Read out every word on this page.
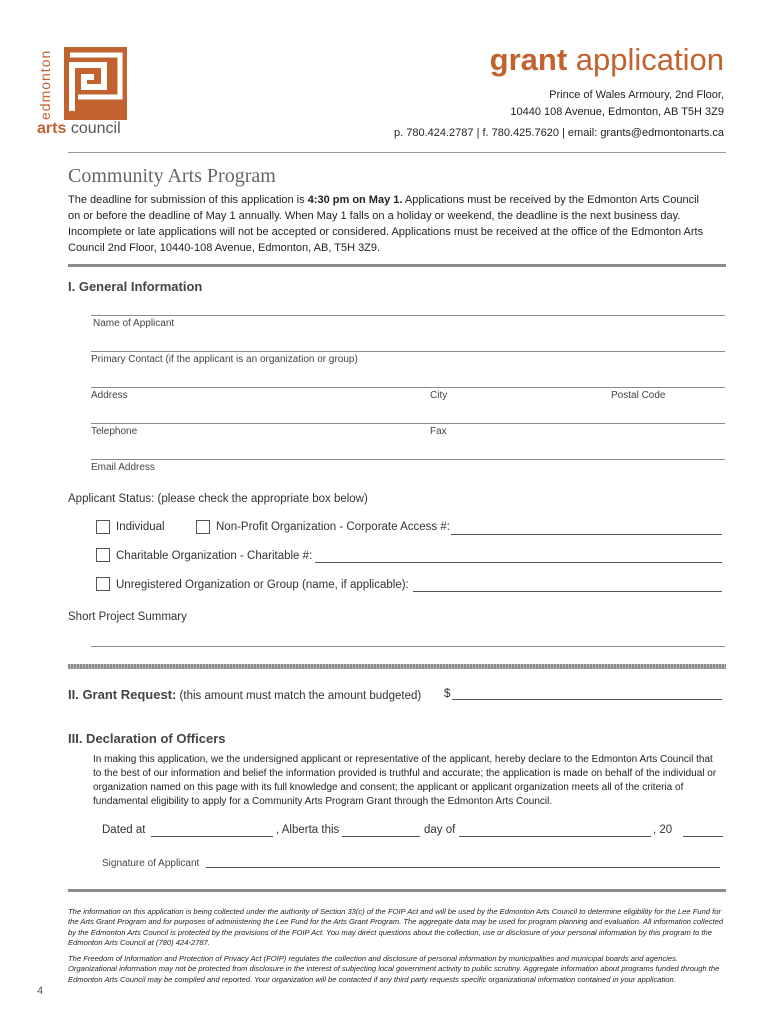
edmonton
arts council
grant application
Prince of Wales Armoury, 2nd Floor,
10440 108 Avenue, Edmonton, AB T5H 3Z9
p. 780.424.2787 | f. 780.425.7620 | email: grants@edmontonarts.ca
Community Arts Program
The deadline for submission of this application is 4:30 pm on May 1. Applications must be received by the Edmonton Arts Council on or before the deadline of May 1 annually. When May 1 falls on a holiday or weekend, the deadline is the next business day. Incomplete or late applications will not be accepted or considered. Applications must be received at the office of the Edmonton Arts Council 2nd Floor, 10440-108 Avenue, Edmonton, AB, T5H 3Z9.
I. General Information
Name of Applicant
Primary Contact (if the applicant is an organization or group)
Address	City	Postal Code
Telephone	Fax
Email Address
Applicant Status: (please check the appropriate box below)
Individual	Non-Profit Organization - Corporate Access #:
Charitable Organization - Charitable #:
Unregistered Organization or Group (name, if applicable):
Short Project Summary
II. Grant Request: (this amount must match the amount budgeted) $
III. Declaration of Officers
In making this application, we the undersigned applicant or representative of the applicant, hereby declare to the Edmonton Arts Council that to the best of our information and belief the information provided is truthful and accurate; the application is made on behalf of the individual or organization named on this page with its full knowledge and consent; the applicant or applicant organization meets all of the criteria of fundamental eligibility to apply for a Community Arts Program Grant through the Edmonton Arts Council.
Dated at	, Alberta this	day of	, 20
Signature of Applicant
The information on this application is being collected under the authority of Section 33(c) of the FOIP Act and will be used by the Edmonton Arts Council to determine eligibility for the Lee Fund for the Arts Grant Program and for purposes of administering the Lee Fund for the Arts Grant Program. The aggregate data may be used for program planning and evaluation. All information collected by the Edmonton Arts Council is protected by the provisions of the FOIP Act. You may direct questions about the collection, use or disclosure of your personal information by this program to the Edmonton Arts Council at (780) 424-2787.
The Freedom of Information and Protection of Privacy Act (FOIP) regulates the collection and disclosure of personal information by municipalities and municipal boards and agencies. Organizational information may not be protected from disclosure in the interest of subjecting local government activity to public scrutiny. Aggregate information about programs funded through the Edmonton Arts Council may be compiled and reported. Your organization will be contacted if any third party requests specific organizational information contained in your application.
4
